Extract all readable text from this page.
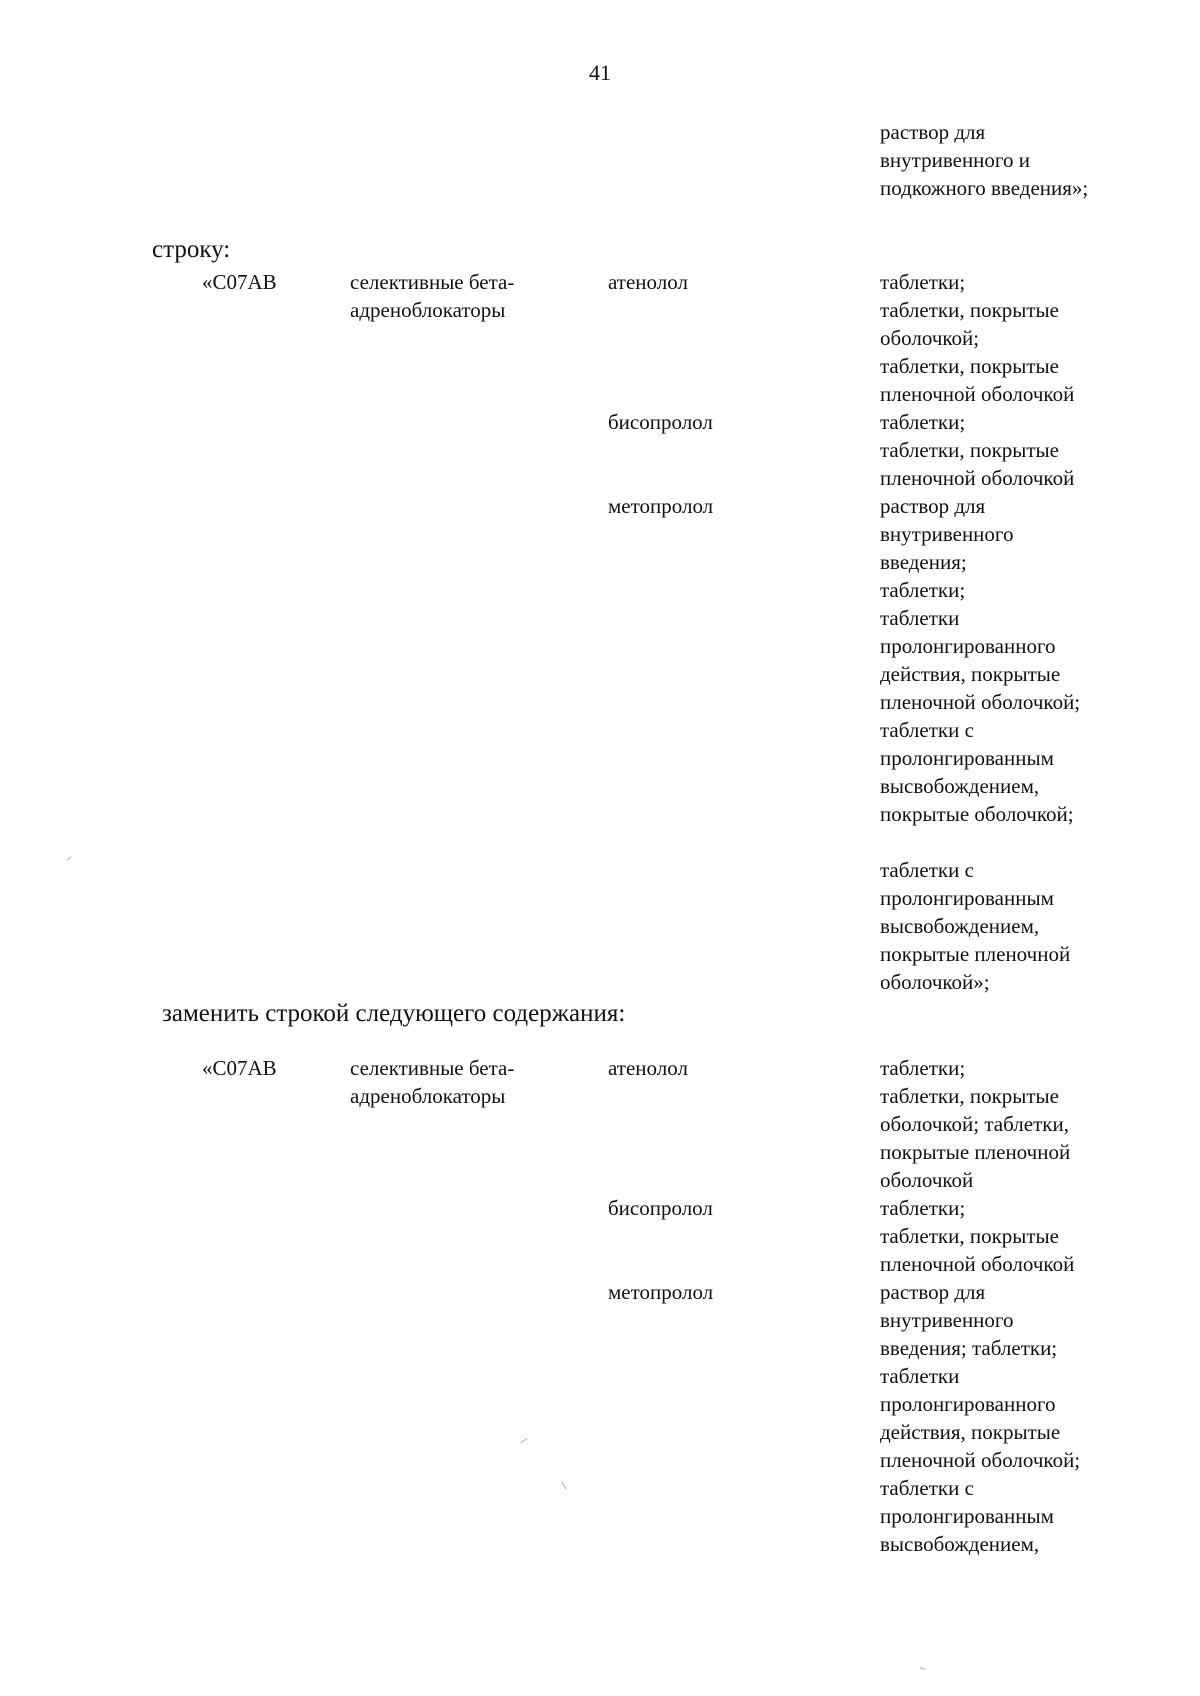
41
раствор для
внутривенного и
подкожного введения»;
строку:
«C07AB	селективные бета-
адреноблокаторы
атенолол	таблетки;
таблетки, покрытые
оболочкой;
таблетки, покрытые
пленочной оболочкой
бисопролол	таблетки;
таблетки, покрытые
пленочной оболочкой
метопролол	раствор для
внутривенного
введения;
таблетки;
таблетки
пролонгированного
действия, покрытые
пленочной оболочкой;
таблетки с
пролонгированным
высвобождением,
покрытые оболочкой;
таблетки с
пролонгированным
высвобождением,
покрытые пленочной
оболочкой»;
заменить строкой следующего содержания:
«C07AB	селективные бета-
адреноблокаторы
атенолол	таблетки;
таблетки, покрытые
оболочкой; таблетки,
покрытые пленочной
оболочкой
бисопролол	таблетки;
таблетки, покрытые
пленочной оболочкой
метопролол	раствор для
внутривенного
введения; таблетки;
таблетки
пролонгированного
действия, покрытые
пленочной оболочкой;
таблетки с
пролонгированным
высвобождением,
